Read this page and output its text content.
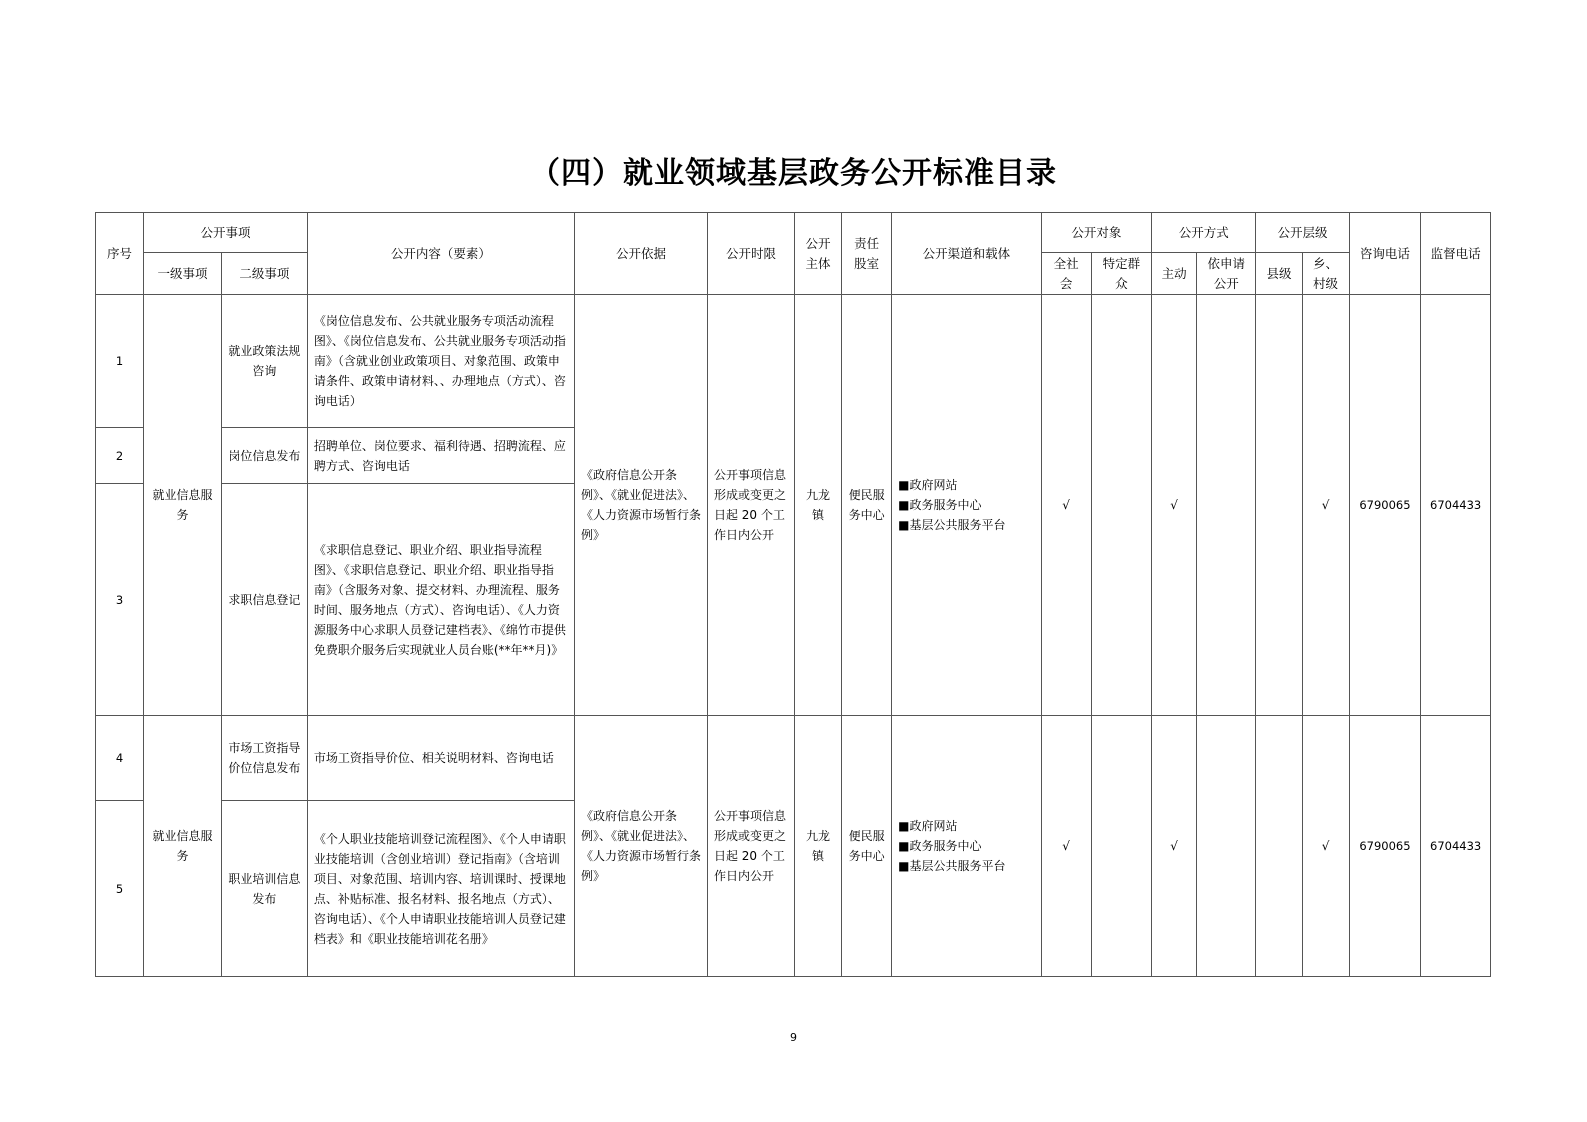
（四）就业领域基层政务公开标准目录
序号	公开事项		公开内容（要素）	公开依据	公开时限	公开主体	责任股室	公开渠道和载体	公开对象		公开方式		公开层级		咨询电话	监督电话
	一级事项	二级事项							全社会	特定群众	主动	依申请公开	县级	乡、村级		
1	就业信息服务	就业政策法规咨询	《岗位信息发布、公共就业服务专项活动流程图》、《岗位信息发布、公共就业服务专项活动指南》（含就业创业政策项目、对象范围、政策申请条件、政策申请材料、、办理地点（方式）、咨询电话）	《政府信息公开条例》、《就业促进法》、《人力资源市场暂行条例》	公开事项信息形成或变更之日起 20 个工作日内公开	九龙镇	便民服务中心	■政府网站
■政务服务中心
■基层公共服务平台	√		√			√	6790065	6704433
2		岗位信息发布	招聘单位、岗位要求、福利待遇、招聘流程、应聘方式、咨询电话													
3		求职信息登记	《求职信息登记、职业介绍、职业指导流程图》、《求职信息登记、职业介绍、职业指导指南》（含服务对象、提交材料、办理流程、服务时间、服务地点（方式）、咨询电话）、《人力资源服务中心求职人员登记建档表》、《绵竹市提供免费职介服务后实现就业人员台账(**年**月)》													
4	就业信息服务	市场工资指导价位信息发布	市场工资指导价位、相关说明材料、咨询电话	《政府信息公开条例》、《就业促进法》、《人力资源市场暂行条例》	公开事项信息形成或变更之日起 20 个工作日内公开	九龙镇	便民服务中心	■政府网站
■政务服务中心
■基层公共服务平台	√		√			√	6790065	6704433
5		职业培训信息发布	《个人职业技能培训登记流程图》、《个人申请职业技能培训（含创业培训）登记指南》（含培训项目、对象范围、培训内容、培训课时、授课地点、补贴标准、报名材料、报名地点（方式）、咨询电话）、《个人申请职业技能培训人员登记建档表》和《职业技能培训花名册》													
9
